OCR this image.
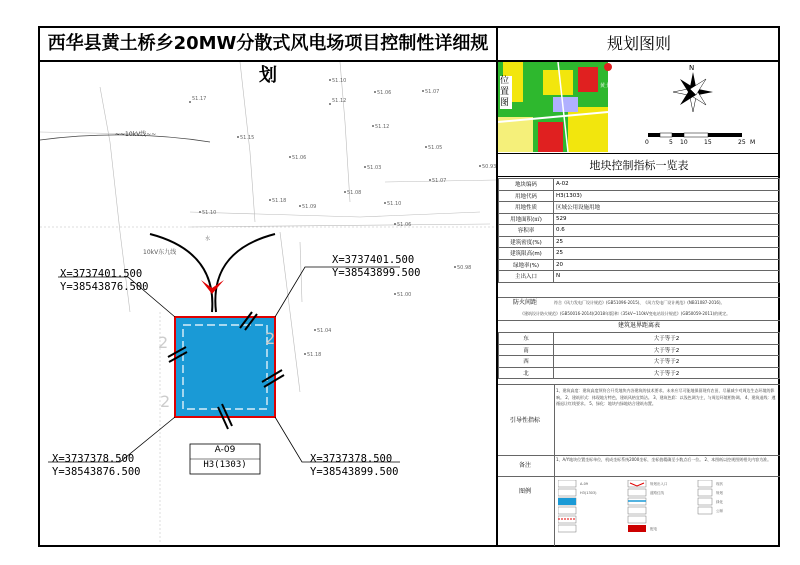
西华县黄土桥乡20MW分散式风电场项目控制性详细规划
规划图则
~~10kV线~~
51.17
51.10
51.06
51.12
51.07
51.15
51.12
51.05
51.06
51.03
51.07
50.93
51.08
51.09	51.10
51.06
50.98
51.00
51.04
51.18
51.18
51.10
10kV东九线
水
2	2
2
X=3737401.500
Y=38543876.500
X=3737401.500
Y=38543899.500
X=3737378.500
Y=38543876.500
X=3737378.500
Y=38543899.500
A-09
H3(1303)
位置图
黄土桥乡
N
0	5 10	15	25 M
地块控制指标一览表
地块编码	A-02
用地代码	H3(1303)
用地性质	区域公用设施用地
用地面积(㎡)	529
容积率	0.6
建筑密度(%)	25
建筑限高(m)	25
绿地率(%)	20
主出入口	N
防火间距	符合《风力发电厂设计规范》(GB51096-2015)、《风力发电厂设计规范》(NB31087-2016)。
《建筑设计防火规范》(GB50016-2014)(2018年版)和《35kV~110kV变电站设计规范》(GB50059-2011)的规定。
建筑退界距离表
东	大于等于2
南	大于等于2
西	大于等于2
北	大于等于2
引导性指标
1、建筑高度：建筑高度须符合开发地块内各建筑的技术要求。未来应尽可能地保留现有农田，尽量减少对周边生态环境的影响。 2、建筑形式：体现地方特色，建筑风格宜简洁。 3、建筑色彩：以浅色调为主，与周边环境相协调。 4、建筑退线：遵循退让红线要求。 5、绿化：地块内绿地结合建筑布置。
备注
1、A/Y地块位置坐标单位，机成坐标系统2000坐标，坐标值精确至小数点后一位。 2、本图纸以控规图则相关内容为准。
图例
A-09
H3(1303)
规划出入口
道路红线
现状
规划
绿化
公厕
配电
